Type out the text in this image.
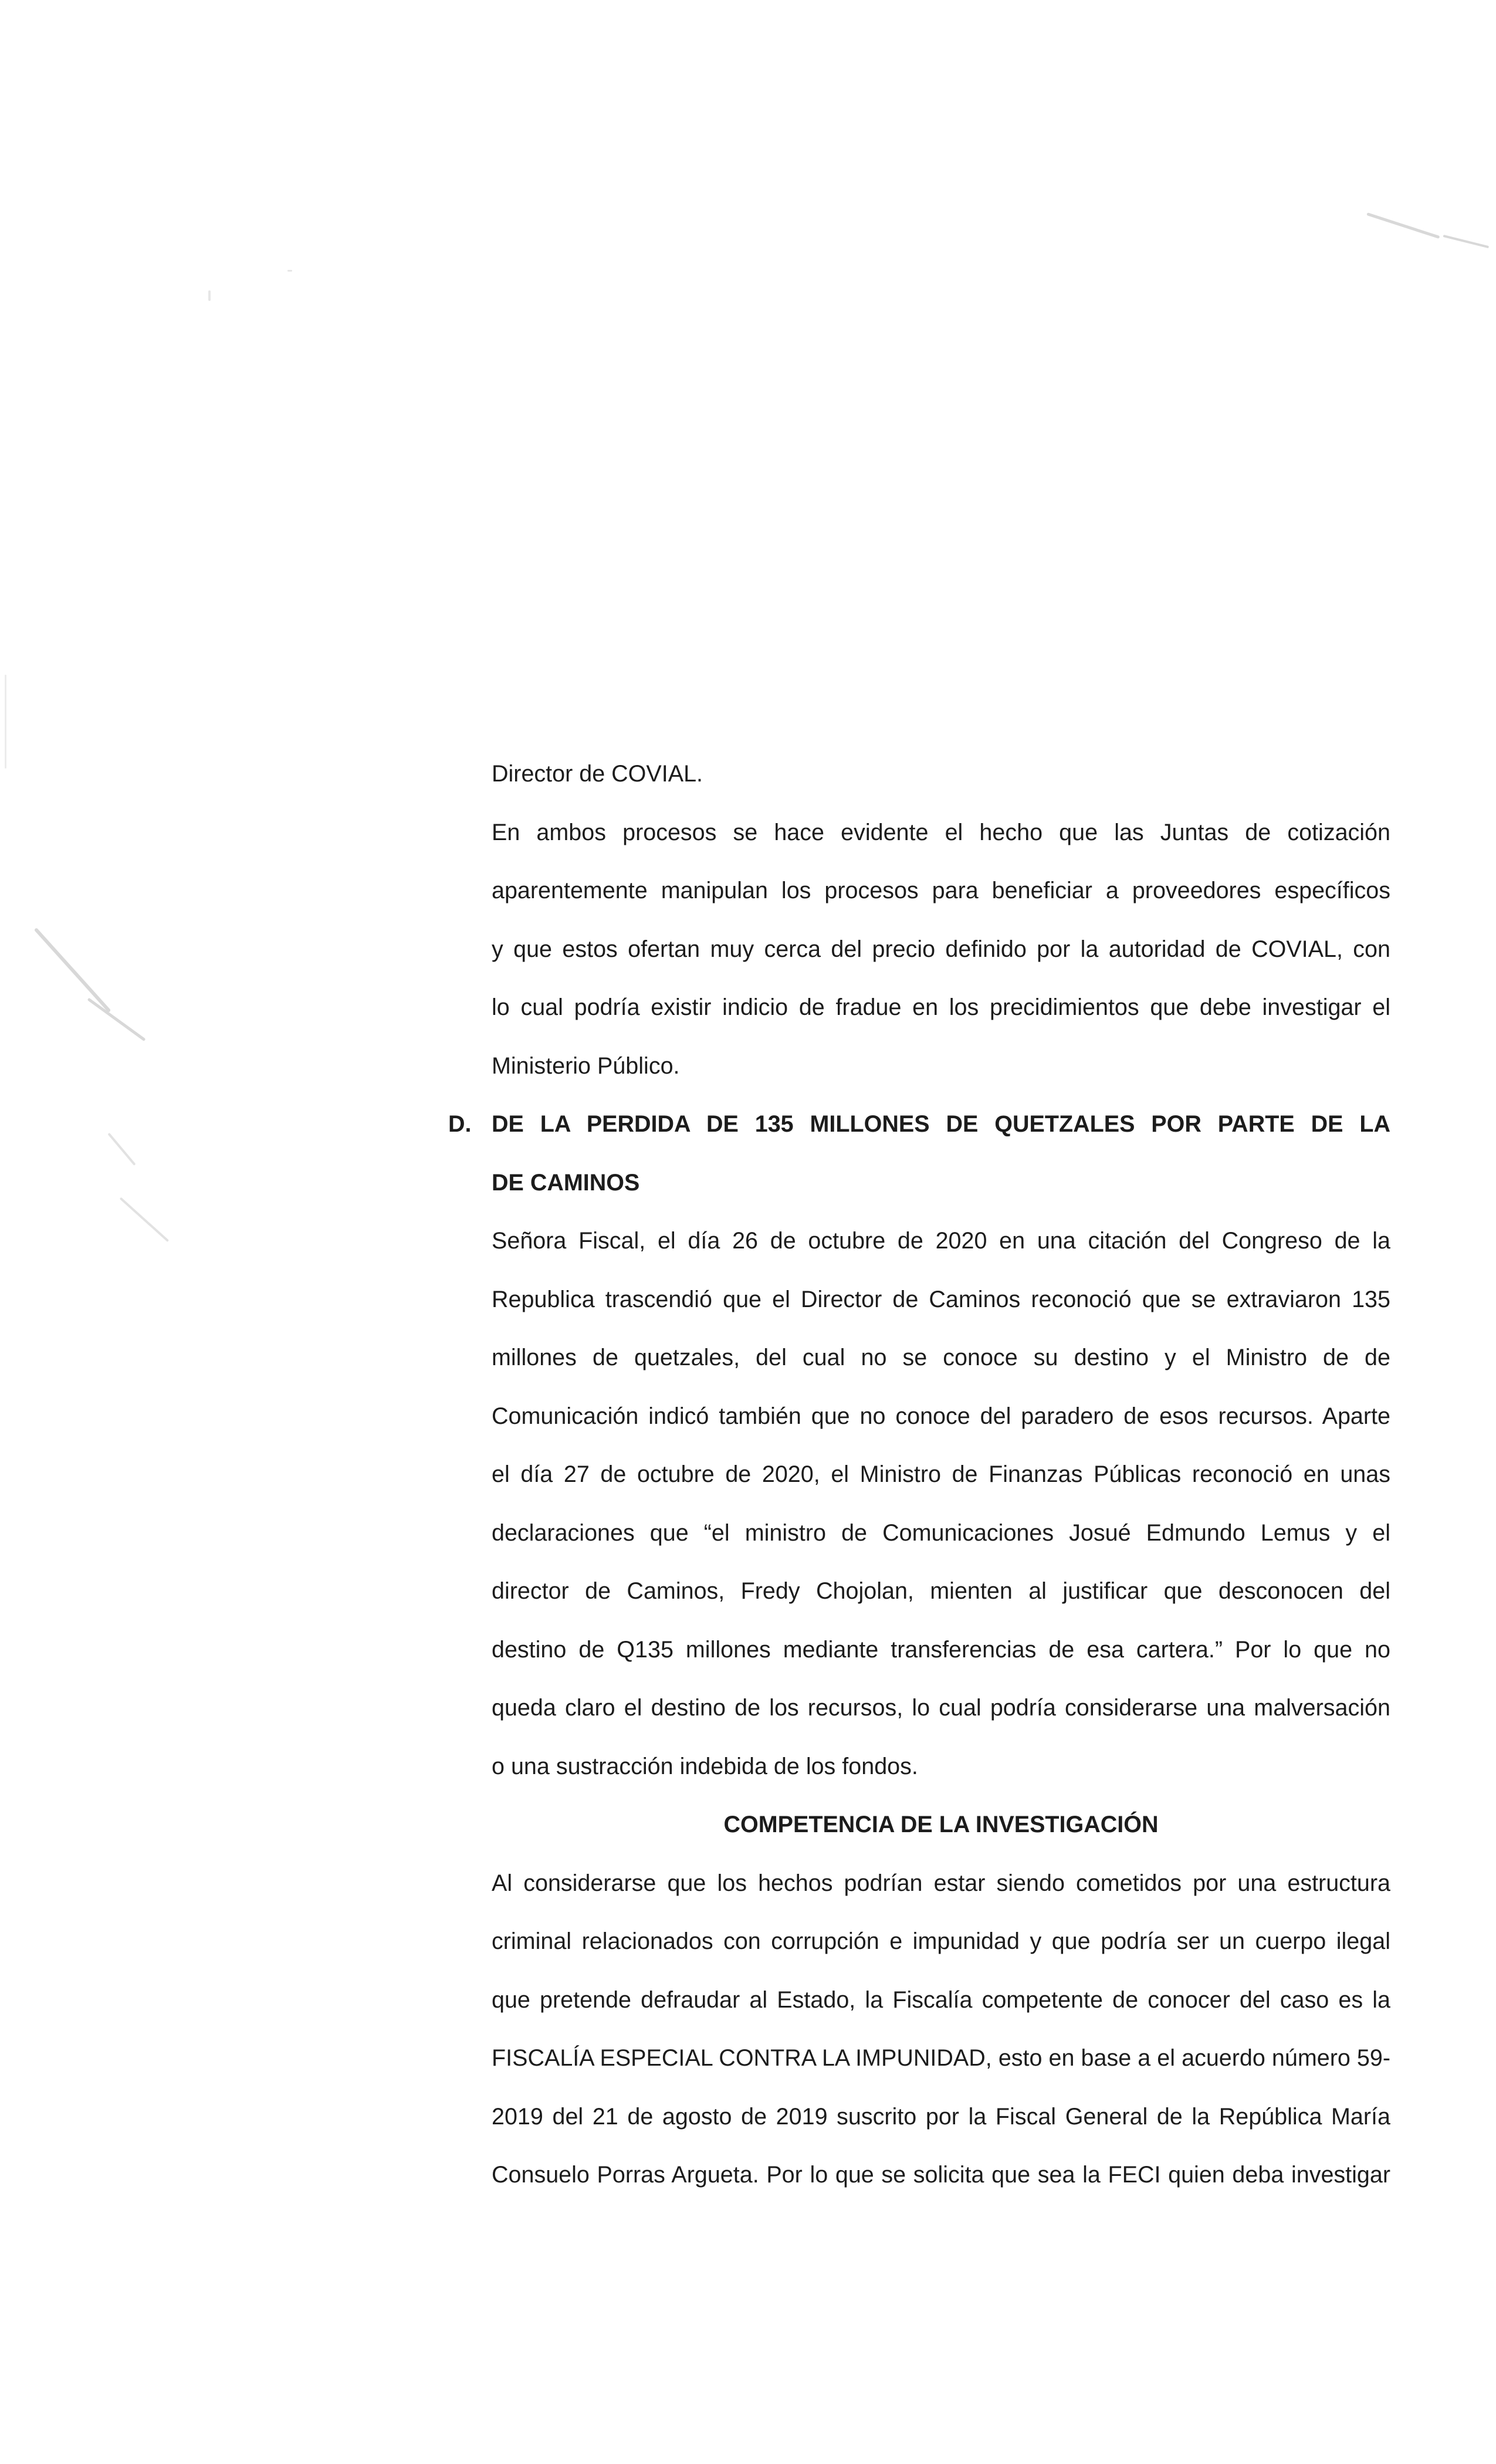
Director de COVIAL.
En ambos procesos se hace evidente el hecho que las Juntas de cotización
aparentemente manipulan los procesos para beneficiar a proveedores específicos
y que estos ofertan muy cerca del precio definido por la autoridad de COVIAL, con
lo cual podría existir indicio de fradue en los precidimientos que debe investigar el
Ministerio Público.
D. DE LA PERDIDA DE 135 MILLONES DE QUETZALES POR PARTE DE LA
DE CAMINOS
Señora Fiscal, el día 26 de octubre de 2020 en una citación del Congreso de la
Republica trascendió que el Director de Caminos reconoció que se extraviaron 135
millones de quetzales, del cual no se conoce su destino y el Ministro de de
Comunicación indicó también que no conoce del paradero de esos recursos. Aparte
el día 27 de octubre de 2020, el Ministro de Finanzas Públicas reconoció en unas
declaraciones que “el ministro de Comunicaciones Josué Edmundo Lemus y el
director de Caminos, Fredy Chojolan, mienten al justificar que desconocen del
destino de Q135 millones mediante transferencias de esa cartera.” Por lo que no
queda claro el destino de los recursos, lo cual podría considerarse una malversación
o una sustracción indebida de los fondos.
COMPETENCIA DE LA INVESTIGACIÓN
Al considerarse que los hechos podrían estar siendo cometidos por una estructura
criminal relacionados con corrupción e impunidad y que podría ser un cuerpo ilegal
que pretende defraudar al Estado, la Fiscalía competente de conocer del caso es la
FISCALÍA ESPECIAL CONTRA LA IMPUNIDAD, esto en base a el acuerdo número 59-
2019 del 21 de agosto de 2019 suscrito por la Fiscal General de la República María
Consuelo Porras Argueta. Por lo que se solicita que sea la FECI quien deba investigar
